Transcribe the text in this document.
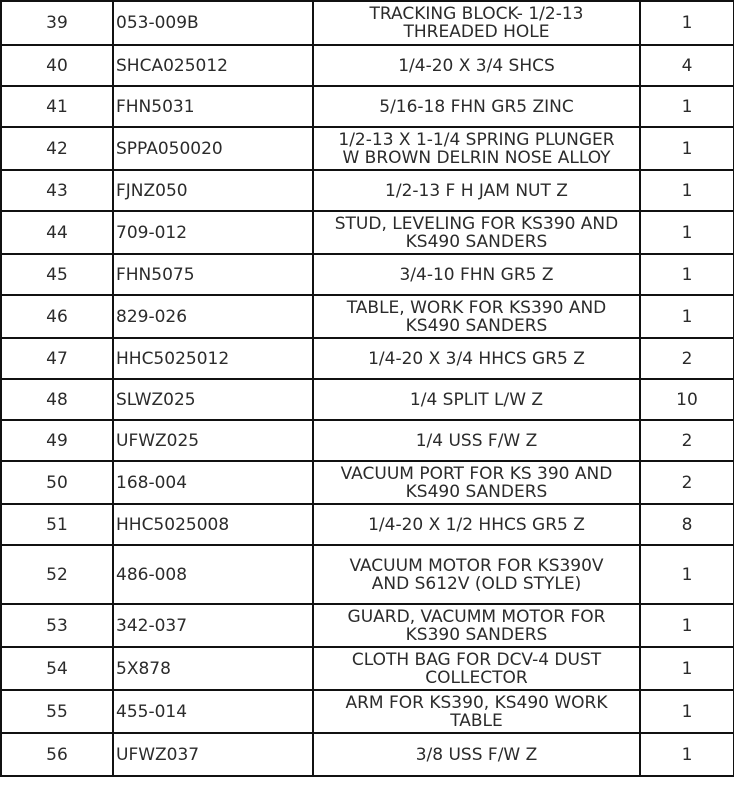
39	053-009B	TRACKING BLOCK- 1/2-13
THREADED HOLE	1
40	SHCA025012	1/4-20 X 3/4 SHCS	4
41	FHN5031	5/16-18 FHN GR5 ZINC	1
42	SPPA050020	1/2-13 X 1-1/4 SPRING PLUNGER
W BROWN DELRIN NOSE ALLOY	1
43	FJNZ050	1/2-13 F H JAM NUT Z	1
44	709-012	STUD, LEVELING FOR KS390 AND
KS490 SANDERS	1
45	FHN5075	3/4-10 FHN GR5 Z	1
46	829-026	TABLE, WORK FOR KS390 AND
KS490 SANDERS	1
47	HHC5025012	1/4-20 X 3/4 HHCS GR5 Z	2
48	SLWZ025	1/4 SPLIT L/W Z	10
49	UFWZ025	1/4 USS F/W Z	2
50	168-004	VACUUM PORT FOR KS 390 AND
KS490 SANDERS	2
51	HHC5025008	1/4-20 X 1/2 HHCS GR5 Z	8
52	486-008	VACUUM MOTOR FOR KS390V
AND S612V (OLD STYLE)	1
53	342-037	GUARD, VACUMM MOTOR FOR
KS390 SANDERS	1
54	5X878	CLOTH BAG FOR DCV-4 DUST
COLLECTOR	1
55	455-014	ARM FOR KS390, KS490 WORK
TABLE	1
56	UFWZ037	3/8 USS F/W Z	1
